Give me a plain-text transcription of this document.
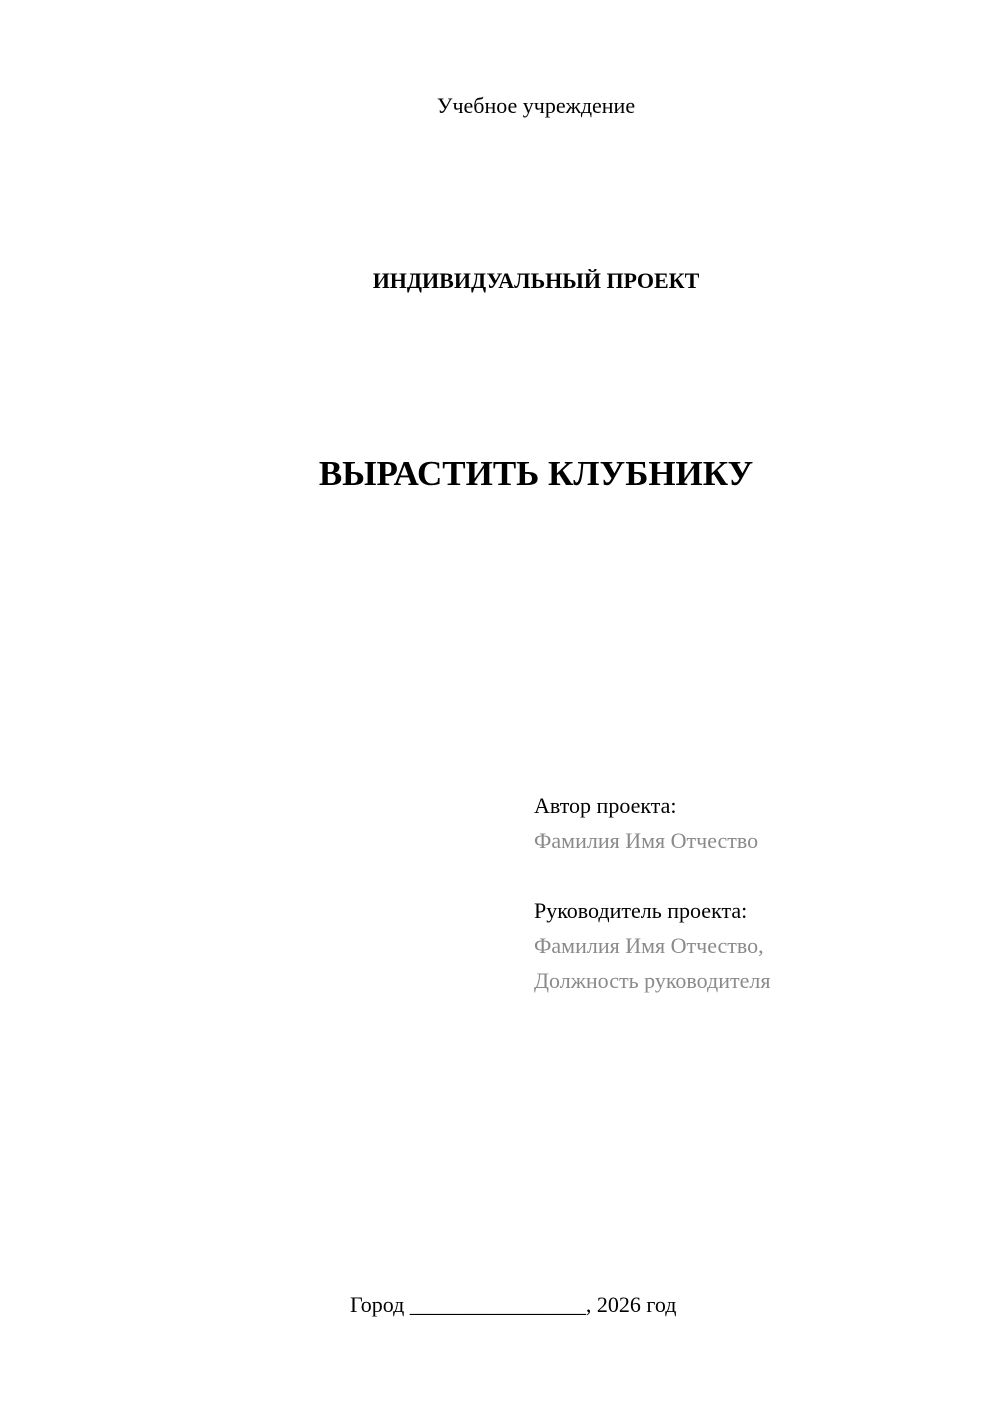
Учебное учреждение
ИНДИВИДУАЛЬНЫЙ ПРОЕКТ
ВЫРАСТИТЬ КЛУБНИКУ
Автор проекта:
Фамилия Имя Отчество
Руководитель проекта:
Фамилия Имя Отчество,
Должность руководителя
Город ________________, 2026 год
